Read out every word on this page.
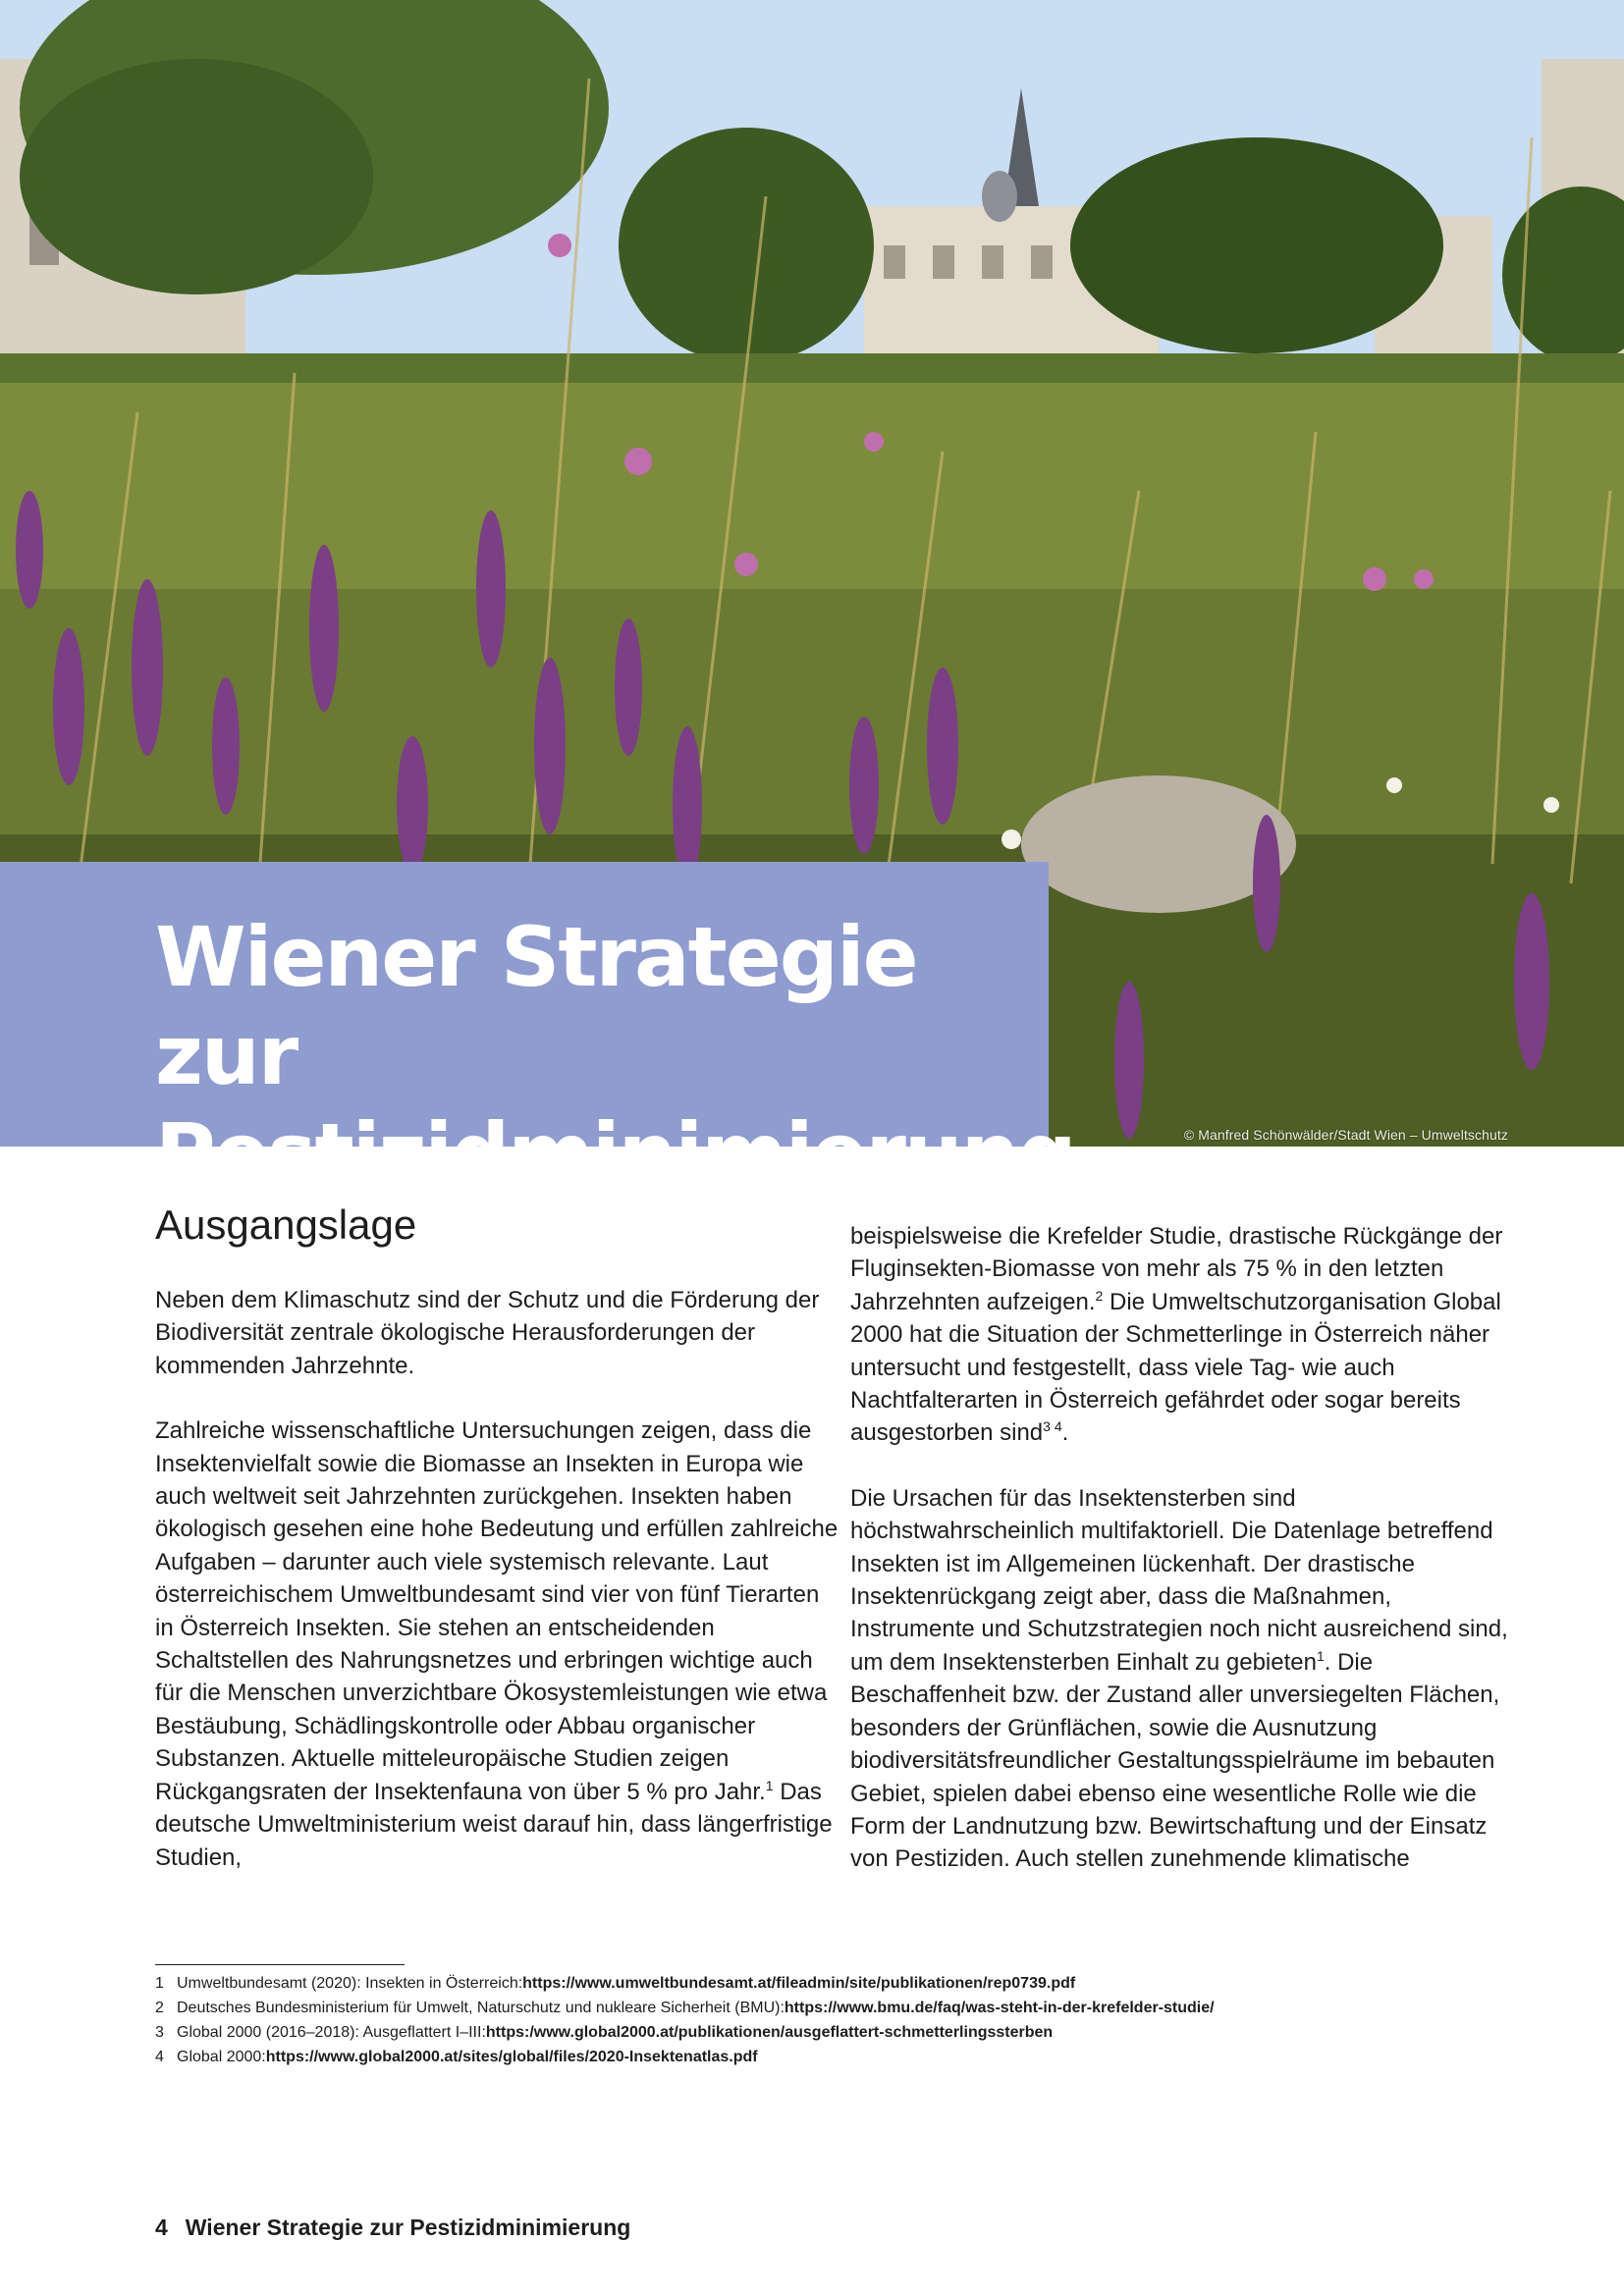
© Manfred Schönwälder/Stadt Wien – Umweltschutz
Wiener Strategie zur
Pestizidminimierung
Ausgangslage

Neben dem Klimaschutz sind der Schutz und die Förderung der Biodiversität zentrale ökologische Herausforderungen der kommenden Jahrzehnte.

Zahlreiche wissenschaftliche Untersuchungen zeigen, dass die Insektenvielfalt sowie die Biomasse an Insekten in Europa wie auch weltweit seit Jahrzehnten zurückgehen. Insekten haben ökologisch gesehen eine hohe Bedeutung und erfüllen zahlreiche Aufgaben – darunter auch viele systemisch relevante. Laut österreichischem Umweltbundesamt sind vier von fünf Tierarten in Österreich Insekten. Sie stehen an entscheidenden Schaltstellen des Nahrungsnetzes und erbringen wichtige auch für die Menschen unverzichtbare Ökosystemleistungen wie etwa Bestäubung, Schädlingskontrolle oder Abbau organischer Substanzen. Aktuelle mitteleuropäische Studien zeigen Rückgangsraten der Insektenfauna von über 5 % pro Jahr.$^1$ Das deutsche Umweltministerium weist darauf hin, dass längerfristige Studien,

beispielsweise die Krefelder Studie, drastische Rückgänge der Fluginsekten-Biomasse von mehr als 75 % in den letzten Jahrzehnten aufzeigen.$^2$ Die Umweltschutzorganisation Global 2000 hat die Situation der Schmetterlinge in Österreich näher untersucht und festgestellt, dass viele Tag- wie auch Nachtfalterarten in Österreich gefährdet oder sogar bereits ausgestorben sind$^{3 4}$.

Die Ursachen für das Insektensterben sind höchstwahrscheinlich multifaktoriell. Die Datenlage betreffend Insekten ist im Allgemeinen lückenhaft. Der drastische Insektenrückgang zeigt aber, dass die Maßnahmen, Instrumente und Schutzstrategien noch nicht ausreichend sind, um dem Insektensterben Einhalt zu gebieten$^1$. Die Beschaffenheit bzw. der Zustand aller unversiegelten Flächen, besonders der Grünflächen, sowie die Ausnutzung biodiversitätsfreundlicher Gestaltungsspielräume im bebauten Gebiet, spielen dabei ebenso eine wesentliche Rolle wie die Form der Landnutzung bzw. Bewirtschaftung und der Einsatz von Pestiziden. Auch stellen zunehmende klimatische

1 Umweltbundesamt (2020): Insekten in Österreich: https://www.umweltbundesamt.at/fileadmin/site/publikationen/rep0739.pdf
2 Deutsches Bundesministerium für Umwelt, Naturschutz und nukleare Sicherheit (BMU): https://www.bmu.de/faq/was-steht-in-der-krefelder-studie/
3 Global 2000 (2016–2018): Ausgeflattert I–III: https:/www.global2000.at/publikationen/ausgeflattert-schmetterlingssterben
4 Global 2000: https://www.global2000.at/sites/global/files/2020-Insektenatlas.pdf
4 Wiener Strategie zur Pestizidminimierung
